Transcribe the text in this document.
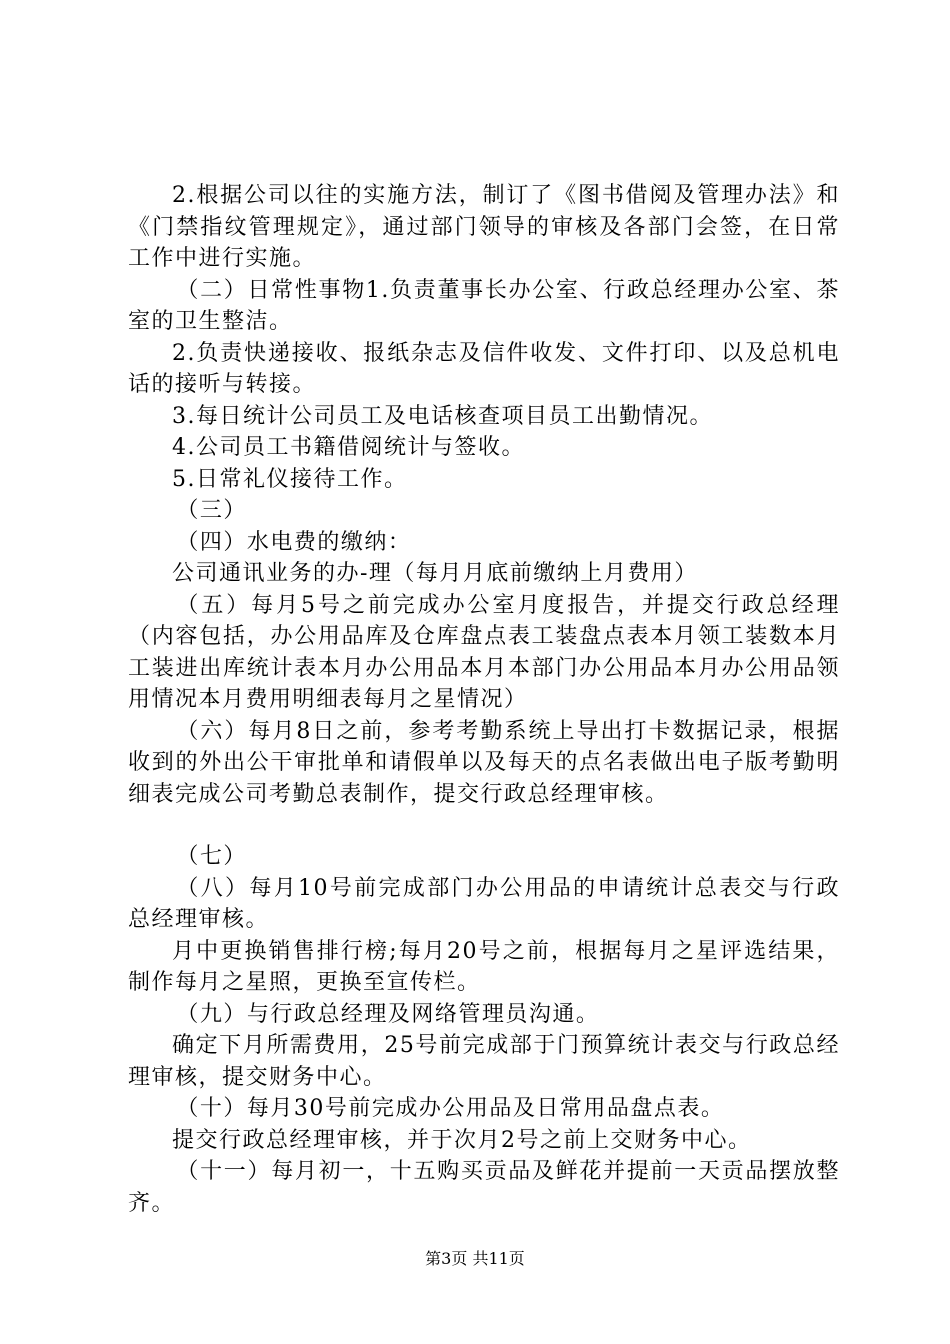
2.根据公司以往的实施方法，制订了《图书借阅及管理办法》和《门禁指纹管理规定》，通过部门领导的审核及各部门会签，在日常工作中进行实施。

（二）日常性事物1.负责董事长办公室、行政总经理办公室、茶室的卫生整洁。

2.负责快递接收、报纸杂志及信件收发、文件打印、以及总机电话的接听与转接。

3.每日统计公司员工及电话核查项目员工出勤情况。

4.公司员工书籍借阅统计与签收。

5.日常礼仪接待工作。

（三）

（四）水电费的缴纳：

公司通讯业务的办-理（每月月底前缴纳上月费用）

（五）每月5号之前完成办公室月度报告，并提交行政总经理（内容包括，办公用品库及仓库盘点表工装盘点表本月领工装数本月工装进出库统计表本月办公用品本月本部门办公用品本月办公用品领用情况本月费用明细表每月之星情况）

（六）每月8日之前，参考考勤系统上导出打卡数据记录，根据收到的外出公干审批单和请假单以及每天的点名表做出电子版考勤明细表完成公司考勤总表制作，提交行政总经理审核。

（七）

（八）每月10号前完成部门办公用品的申请统计总表交与行政总经理审核。

月中更换销售排行榜;每月20号之前，根据每月之星评选结果，制作每月之星照，更换至宣传栏。

（九）与行政总经理及网络管理员沟通。

确定下月所需费用，25号前完成部于门预算统计表交与行政总经理审核，提交财务中心。

（十）每月30号前完成办公用品及日常用品盘点表。

提交行政总经理审核，并于次月2号之前上交财务中心。

（十一）每月初一，十五购买贡品及鲜花并提前一天贡品摆放整齐。

第3页 共11页
